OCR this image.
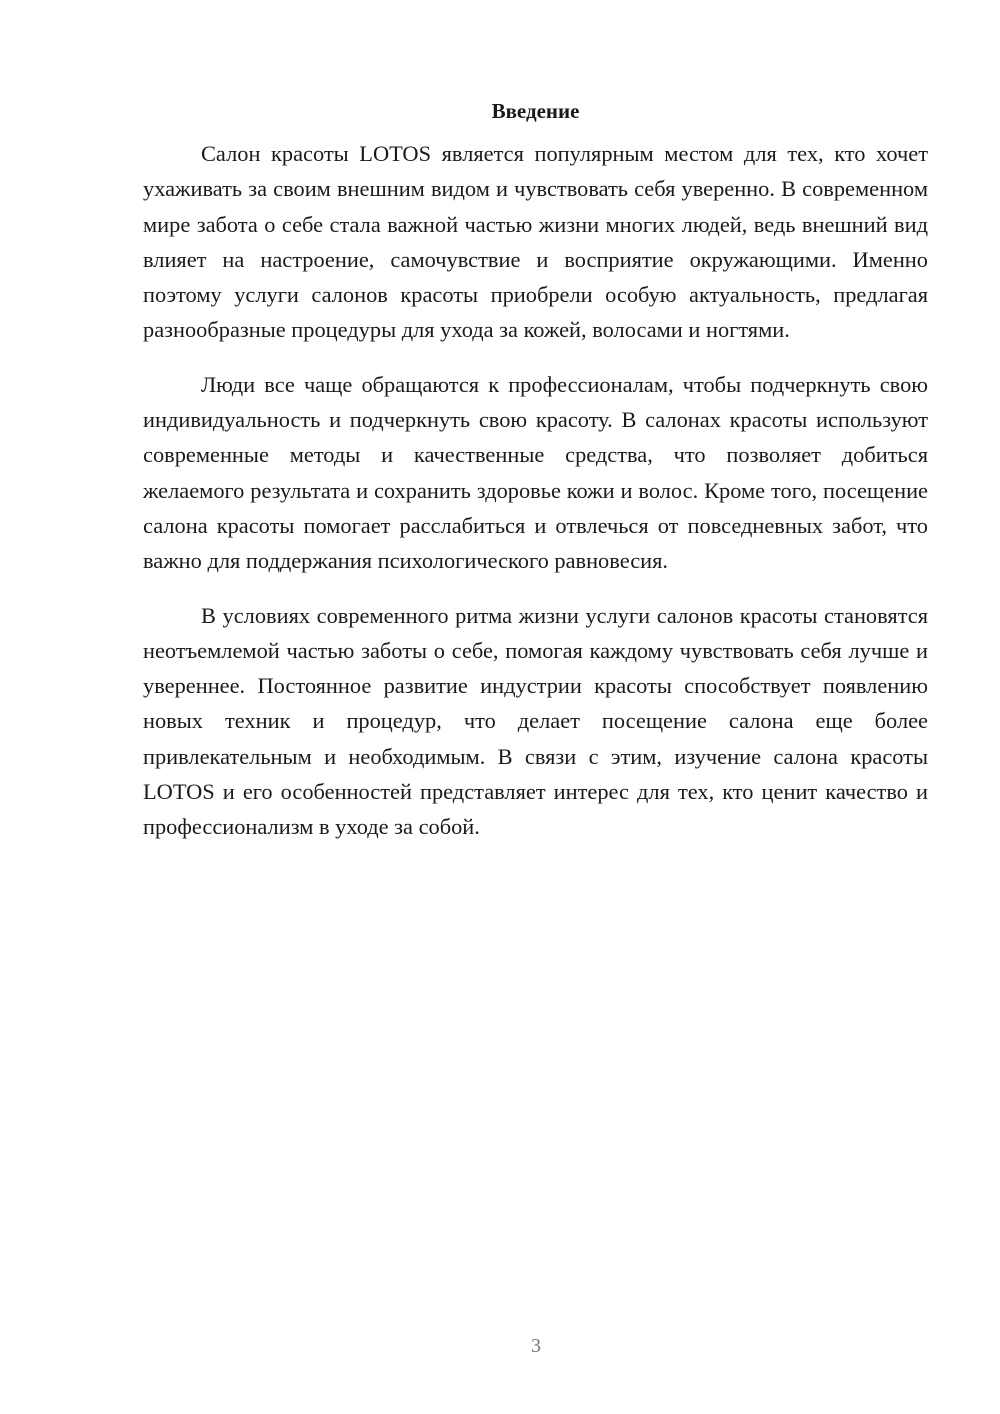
Введение

Салон красоты LOTOS является популярным местом для тех, кто хочет ухаживать за своим внешним видом и чувствовать себя уверенно. В современном мире забота о себе стала важной частью жизни многих людей, ведь внешний вид влияет на настроение, самочувствие и восприятие окружающими. Именно поэтому услуги салонов красоты приобрели особую актуальность, предлагая разнообразные процедуры для ухода за кожей, волосами и ногтями.

Люди все чаще обращаются к профессионалам, чтобы подчеркнуть свою индивидуальность и подчеркнуть свою красоту. В салонах красоты используют современные методы и качественные средства, что позволяет добиться желаемого результата и сохранить здоровье кожи и волос. Кроме того, посещение салона красоты помогает расслабиться и отвлечься от повседневных забот, что важно для поддержания психологического равновесия.

В условиях современного ритма жизни услуги салонов красоты становятся неотъемлемой частью заботы о себе, помогая каждому чувствовать себя лучше и увереннее. Постоянное развитие индустрии красоты способствует появлению новых техник и процедур, что делает посещение салона еще более привлекательным и необходимым. В связи с этим, изучение салона красоты LOTOS и его особенностей представляет интерес для тех, кто ценит качество и профессионализм в уходе за собой.

3
